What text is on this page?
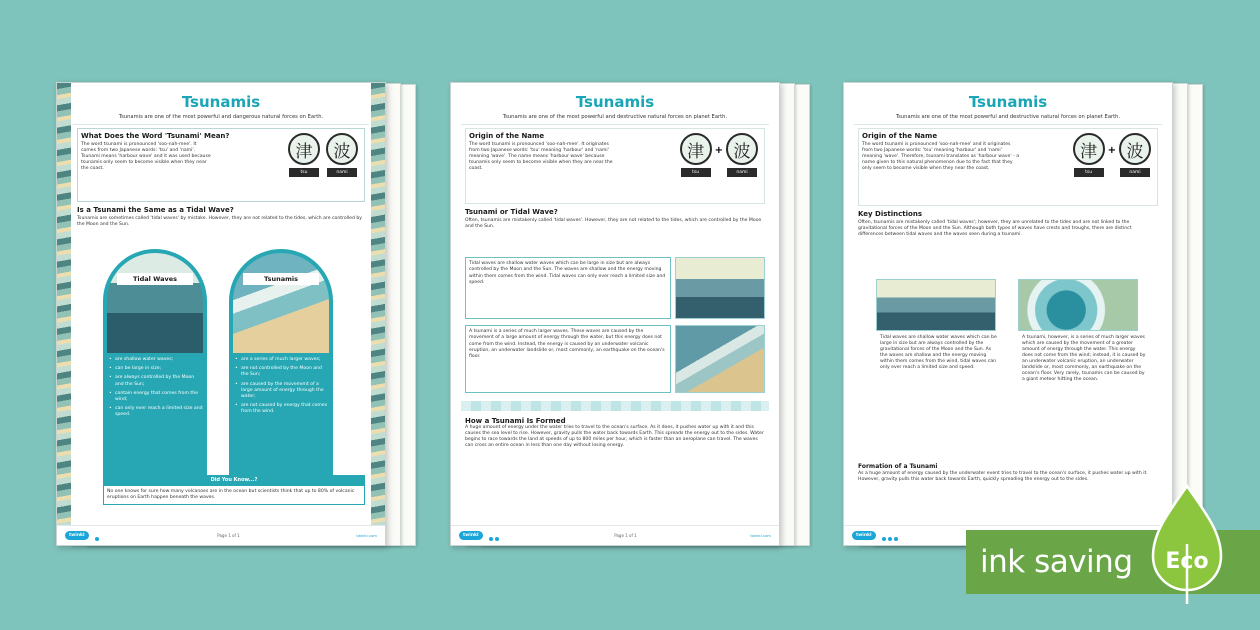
Tsunamis
Tsunamis are one of the most powerful and dangerous natural forces on Earth.
What Does the Word 'Tsunami' Mean?
The word tsunami is pronounced 'soo-nah-mee'. It comes from two Japanese words: 'tsu' and 'nami'. Tsunami means 'harbour wave' and it was used because tsunamis only seem to become visible when they near the coast.
津
tsu
波
nami
Is a Tsunami the Same as a Tidal Wave?
Tsunamis are sometimes called 'tidal waves' by mistake. However, they are not related to the tides, which are controlled by the Moon and the Sun.
Tidal Waves
• are shallow water waves;
• can be large in size;
• are always controlled by the Moon and the Sun;
• contain energy that comes from the wind;
• can only ever reach a limited size and speed.
Tsunamis
• are a series of much larger waves;
• are not controlled by the Moon and the Sun;
• are caused by the movement of a large amount of energy through the water;
• are not caused by energy that comes from the wind.
Did You Know...?
No one knows for sure how many volcanoes are in the ocean but scientists think that up to 80% of volcanic eruptions on Earth happen beneath the waves.
twinkl	Page 1 of 1	twinkl.com
Tsunamis
Tsunamis are one of the most powerful and destructive natural forces on planet Earth.
Origin of the Name
The word tsunami is pronounced 'soo-nah-mee'. It originates from two Japanese words: 'tsu' meaning 'harbour' and 'nami' meaning 'wave'. The name means 'harbour wave' because tsunamis only seem to become visible when they are near the coast.
津
tsu
+ 波
nami
Tsunami or Tidal Wave?
Often, tsunamis are mistakenly called 'tidal waves'. However, they are not related to the tides, which are controlled by the Moon and the Sun.
Tidal waves are shallow water waves which can be large in size but are always controlled by the Moon and the Sun. The waves are shallow and the energy moving within them comes from the wind. Tidal waves can only ever reach a limited size and speed.
A tsunami is a series of much larger waves. These waves are caused by the movement of a large amount of energy through the water, but this energy does not come from the wind. Instead, the energy is caused by an underwater volcanic eruption, an underwater landslide or, most commonly, an earthquake on the ocean's floor.
How a Tsunami Is Formed
A huge amount of energy under the water tries to travel to the ocean's surface. As it does, it pushes water up with it and this causes the sea level to rise. However, gravity pulls the water back towards Earth. This spreads the energy out to the sides. Water begins to race towards the land at speeds of up to 800 miles per hour, which is faster than an aeroplane can travel. The waves can cross an entire ocean in less than one day without losing energy.
twinkl	Page 1 of 1	twinkl.com
Tsunamis
Tsunamis are one of the most powerful and destructive natural forces on planet Earth.
Origin of the Name
The word tsunami is pronounced 'soo-nah-mee' and it originates from two Japanese words: 'tsu' meaning 'harbour' and 'nami' meaning 'wave'. Therefore, tsunami translates as 'harbour wave' - a name given to this natural phenomenon due to the fact that they only seem to become visible when they near the coast.
津
tsu
+ 波
nami
Key Distinctions
Often, tsunamis are mistakenly called 'tidal waves'; however, they are unrelated to the tides and are not linked to the gravitational forces of the Moon and the Sun. Although both types of waves have crests and troughs, there are distinct differences between tidal waves and the waves seen during a tsunami.
Tidal waves are shallow water waves which can be large in size but are always controlled by the gravitational forces of the Moon and the Sun. As the waves are shallow and the energy moving within them comes from the wind, tidal waves can only ever reach a limited size and speed.
A tsunami, however, is a series of much larger waves which are caused by the movement of a greater amount of energy through the water. This energy does not come from the wind; instead, it is caused by an underwater volcanic eruption, an underwater landslide or, most commonly, an earthquake on the ocean's floor. Very rarely, tsunamis can be caused by a giant meteor hitting the ocean.
Formation of a Tsunami
As a huge amount of energy caused by the underwater event tries to travel to the ocean's surface, it pushes water up with it. However, gravity pulls this water back towards Earth, quickly spreading the energy out to the sides.
twinkl
ink saving Eco
